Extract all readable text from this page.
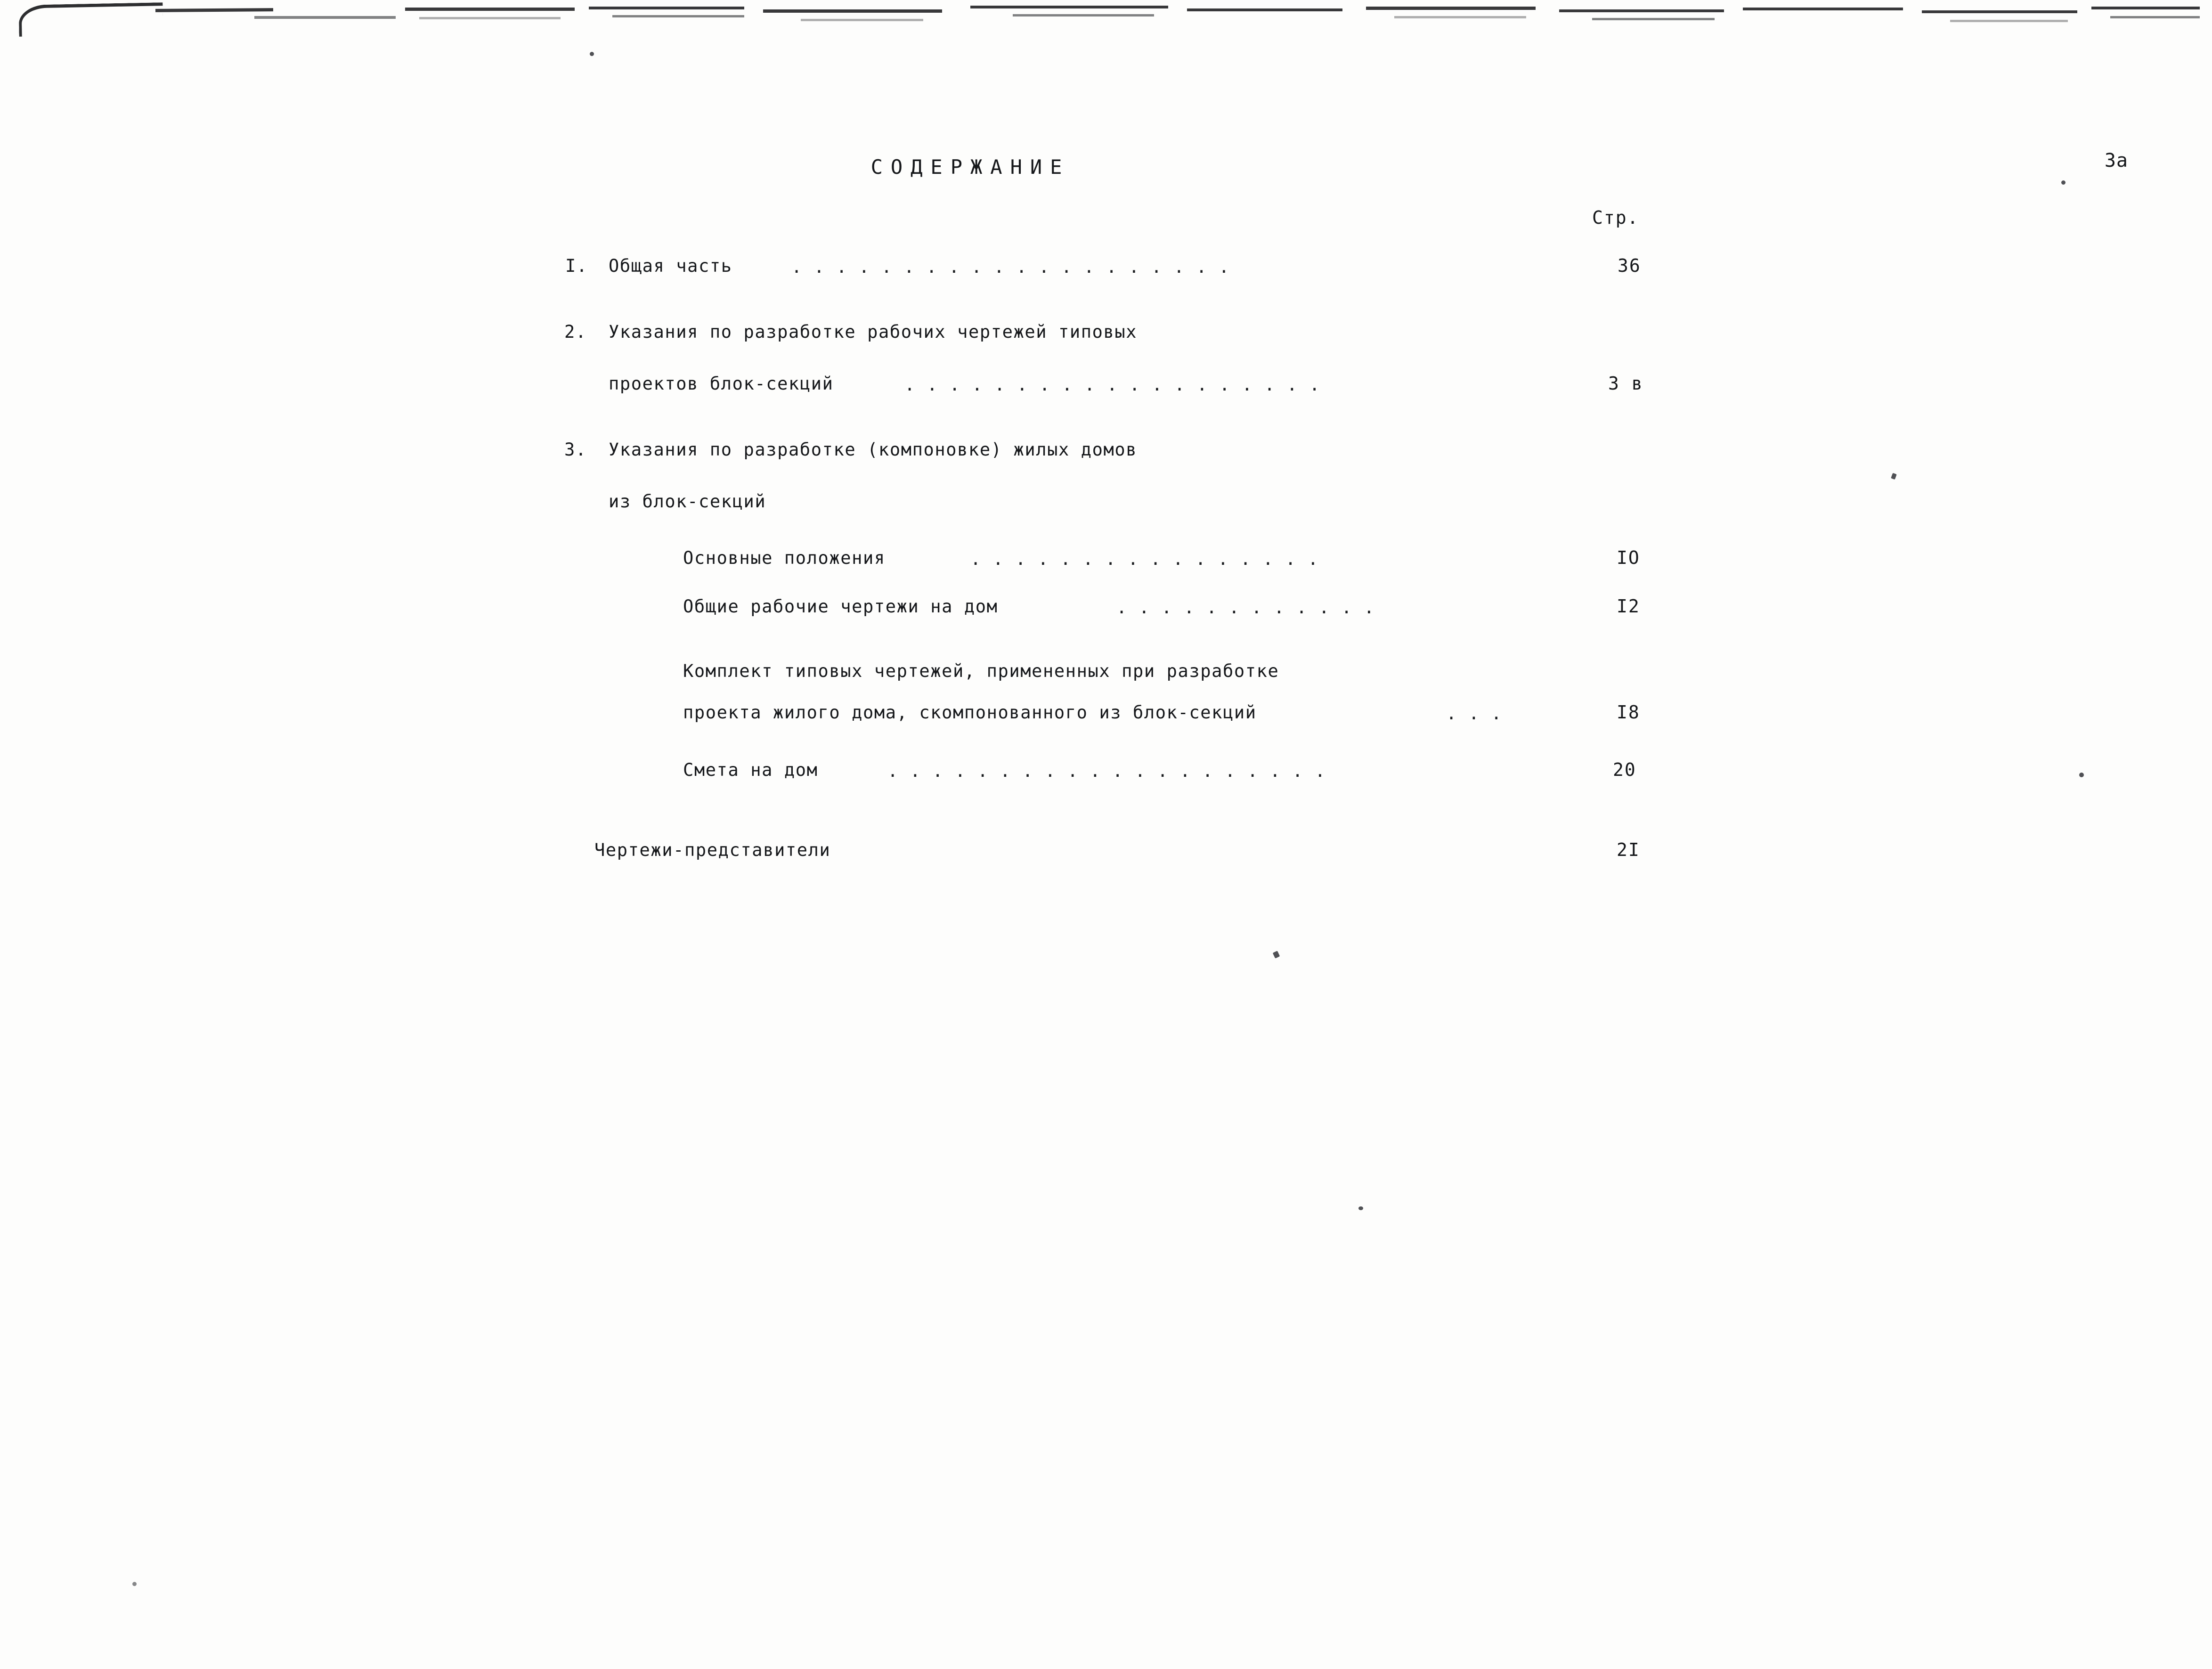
3a
СОДЕРЖАНИЕ
Стр.
I. Общая часть	. . . . . . . . . . . . . . . . . . . .	36
2. Указания по разработке рабочих чертежей типовых
проектов блок-секций	. . . . . . . . . . . . . . . . . . .	3 в
3. Указания по разработке (компоновке) жилых домов
из блок-секций
Основные положения	. . . . . . . . . . . . . . . .	IO
Общие рабочие чертежи на дом	. . . . . . . . . . . .	I2
Комплект типовых чертежей, примененных при разработке
проекта жилого дома, скомпонованного из блок-секций	. . .	I8
Смета на дом	. . . . . . . . . . . . . . . . . . . .	20
Чертежи-представители	2I
